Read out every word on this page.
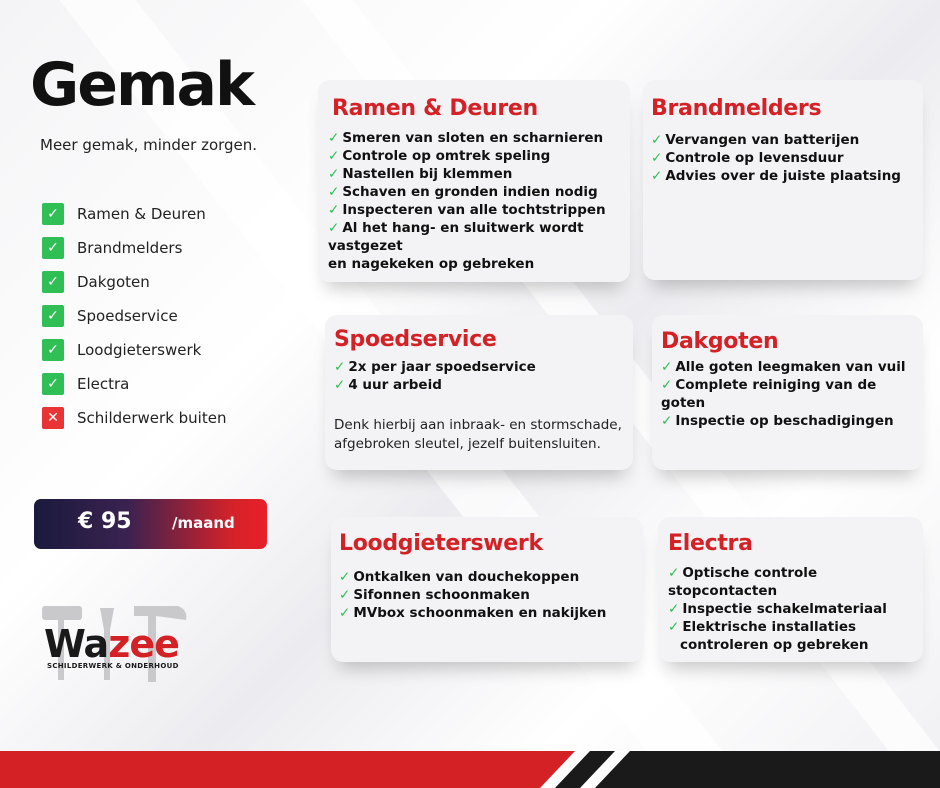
Gemak

Meer gemak, minder zorgen.

✓	Ramen & Deuren
✓	Brandmelders
✓	Dakgoten
✓	Spoedservice
✓	Loodgieterswerk
✓	Electra
✕	Schilderwerk buiten
€ 95	/maand
Wazee
SCHILDERWERK & ONDERHOUD
Ramen & Deuren
✓ Smeren van sloten en scharnieren
✓ Controle op omtrek speling
✓ Nastellen bij klemmen
✓ Schaven en gronden indien nodig
✓ Inspecteren van alle tochtstrippen
✓ Al het hang- en sluitwerk wordt vastgezet
en nagekeken op gebreken
Brandmelders
✓ Vervangen van batterijen
✓ Controle op levensduur
✓ Advies over de juiste plaatsing
Spoedservice
✓ 2x per jaar spoedservice
✓ 4 uur arbeid

Denk hierbij aan inbraak- en stormschade,
afgebroken sleutel, jezelf buitensluiten.

Dakgoten
✓ Alle goten leegmaken van vuil
✓ Complete reiniging van de goten
✓ Inspectie op beschadigingen
Loodgieterswerk
✓ Ontkalken van douchekoppen
✓ Sifonnen schoonmaken
✓ MVbox schoonmaken en nakijken
Electra
✓ Optische controle stopcontacten
✓ Inspectie schakelmateriaal
✓ Elektrische installaties
controleren op gebreken
